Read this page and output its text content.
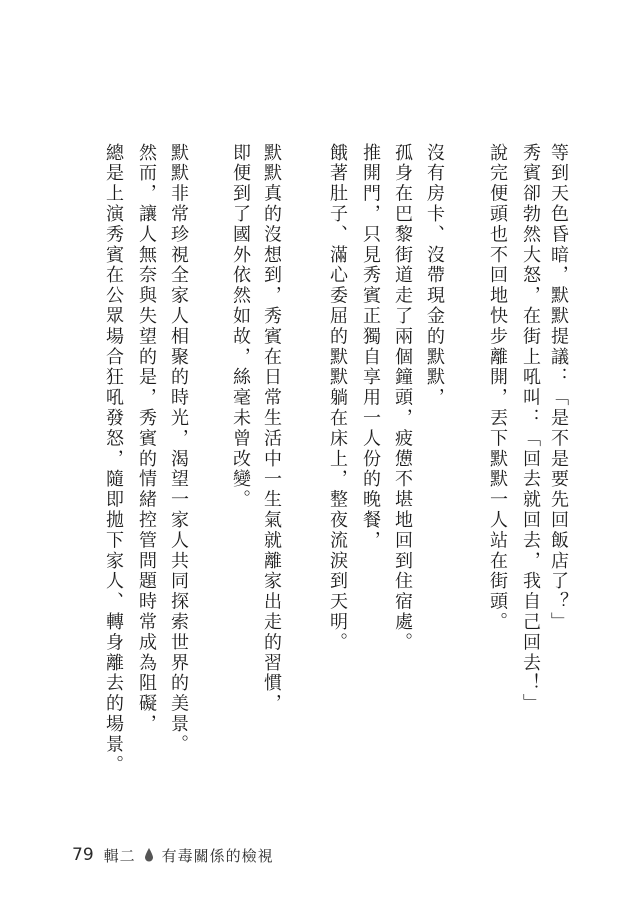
等到天色昏暗，默默提議：「是不是要先回飯店了？」
秀賓卻勃然大怒，在街上吼叫：「回去就回去，我自己回去！」
說完便頭也不回地快步離開，丟下默默一人站在街頭。
沒有房卡、沒帶現金的默默，
孤身在巴黎街道走了兩個鐘頭，疲憊不堪地回到住宿處。
推開門，只見秀賓正獨自享用一人份的晚餐，
餓著肚子、滿心委屈的默默躺在床上，整夜流淚到天明。
默默真的沒想到，秀賓在日常生活中一生氣就離家出走的習慣，
即便到了國外依然如故，絲毫未曾改變。
默默非常珍視全家人相聚的時光，渴望一家人共同探索世界的美景。
然而，讓人無奈與失望的是，秀賓的情緒控管問題時常成為阻礙，
總是上演秀賓在公眾場合狂吼發怒，隨即拋下家人、轉身離去的場景。
79 輯二 有毒關係的檢視
